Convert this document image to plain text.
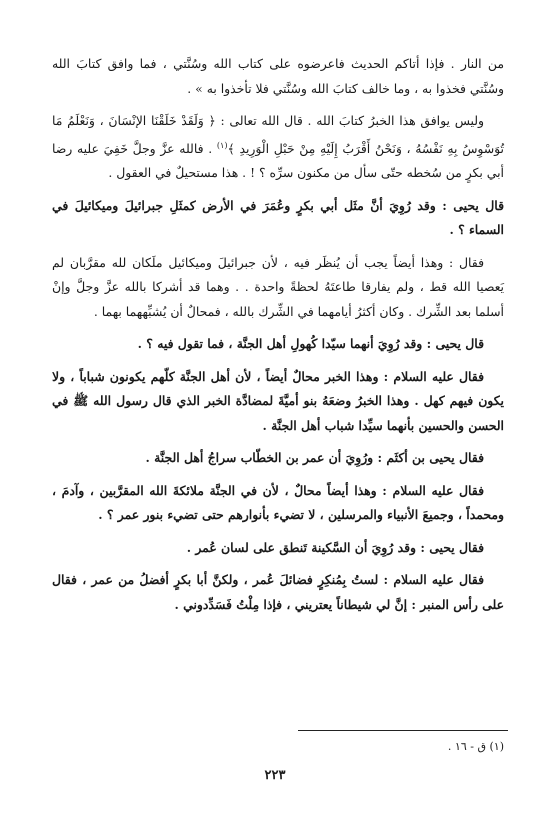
من النار . فإذا أتاكم الحديث فاعرضوه على كتاب الله وسُنَّتي ، فما وافق كتابَ الله وسُنَّتي فخذوا به ، وما خالف كتابَ الله وسُنَّتي فلا تأخذوا به » .

وليس يوافق هذا الخبرُ كتابَ الله . قال الله تعالى : ﴿ وَلَقَدْ خَلَقْنَا الإنْسَانَ ، وَنَعْلَمُ مَا تُوَسْوِسُ بِهِ نَفْسُهُ ، وَنَحْنُ أَقْرَبُ إِلَيْهِ مِنْ حَبْلِ الْوَرِيدِ ﴾$^{(١)}$ . فالله عزَّ وجلَّ خَفِيَ عليه رضا أبي بكرٍ من سُخطه حتّى سأل من مكنون سرِّه ؟ ! . هذا مستحيلٌ في العقول .

قال يحيى : وقد رُوِيَ أنَّ مثَل أبي بكرٍ وعُمَرَ في الأرض كمثَلِ جبرائيلَ وميكائيلَ في السماء ؟ .

فقال : وهذا أيضاً يجب أن يُنظَر فيه ، لأن جبرائيلَ وميكائيل ملَكان لله مقرَّبان لم يَعصيا الله قط ، ولم يفارقا طاعتَهُ لحظةً واحدة . . وهما قد أشركا بالله عزَّ وجلَّ وإنْ أسلما بعد الشِّرك . وكان أكثرُ أيامهما في الشِّرك بالله ، فمحالٌ أن يُشبِّههما بهما .

قال يحيى : وقد رُوِيَ أنهما سيّدا كُهولِ أهل الجنَّة ، فما تقول فيه ؟ .

فقال عليه السلام : وهذا الخبر محالٌ أيضاً ، لأن أهل الجنَّة كلّهم يكونون شباباً ، ولا يكون فيهم كهل . وهذا الخبرُ وضعَهُ بنو أميَّةَ لمضادَّة الخبر الذي قال رسول الله ﷺ في الحسن والحسين بأنهما سيِّدا شباب أهل الجنَّة .

فقال يحيى بن أكثَم : ورُوِيَ أن عمر بن الخطّاب سراجُ أهل الجنَّة .

فقال عليه السلام : وهذا أيضاً محالٌ ، لأن في الجنَّة ملائكةَ الله المقرَّبين ، وآدمَ ، ومحمداً ، وجميعَ الأنبياء والمرسلين ، لا تضيء بأنوارهم حتى تضيء بنور عمر ؟ .

فقال يحيى : وقد رُوِيَ أن السَّكينة تَنطق على لسان عُمر .

فقال عليه السلام : لستُ بِمُنكِرٍ فضائلَ عُمر ، ولكنَّ أبا بكرٍ أفضلُ من عمر ، فقال على رأس المنبر : إنَّ لي شيطاناً يعتريني ، فإذا مِلْتُ فَسَدِّدوني .

(١) ق - ١٦ .
٢٢٣
